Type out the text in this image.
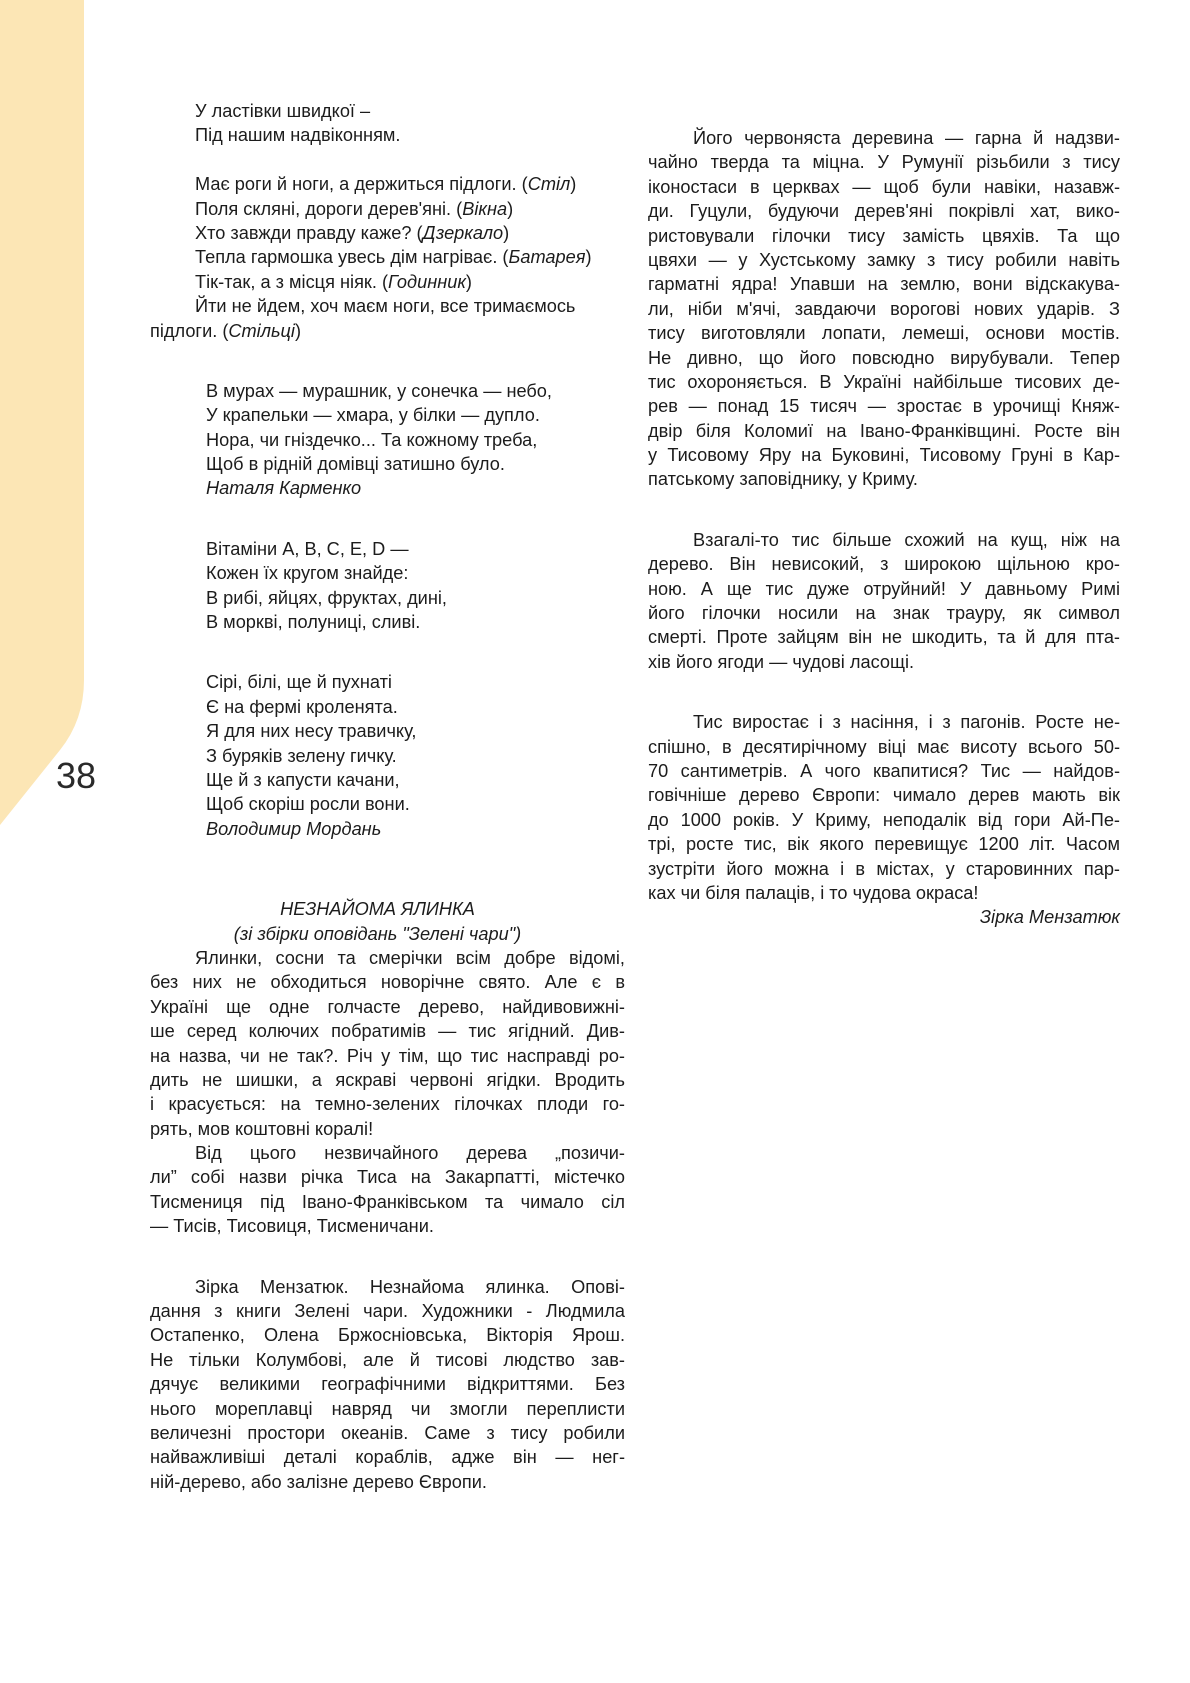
38
У ластівки швидкої –
Під нашим надвіконням.
Має роги й ноги, а держиться підлоги. (Стіл)
Поля скляні, дороги дерев'яні. (Вікна)
Хто завжди правду каже? (Дзеркало)
Тепла гармошка увесь дім нагріває. (Батарея)
Тік-так, а з місця ніяк. (Годинник)
Йти не йдем, хоч маєм ноги, все тримаємось
підлоги. (Стільці)
В мурах — мурашник, у сонечка — небо,
У крапельки — хмара, у білки — дупло.
Нора, чи гніздечко... Та кожному треба,
Щоб в рідній домівці затишно було.
Наталя Карменко
Вітаміни A, B, C, E, D —
Кожен їх кругом знайде:
В рибі, яйцях, фруктах, дині,
В моркві, полуниці, сливі.
Сірі, білі, ще й пухнаті
Є на фермі кроленята.
Я для них несу травичку,
З буряків зелену гичку.
Ще й з капусти качани,
Щоб скоріш росли вони.
Володимир Мордань
НЕЗНАЙОМА ЯЛИНКА
(зі збірки оповідань "Зелені чари")
Ялинки, сосни та смерічки всім добре відомі,
без них не обходиться новорічне свято. Але є в
Україні ще одне голчасте дерево, найдивовижні-
ше серед колючих побратимів — тис ягідний. Див-
на назва, чи не так?. Річ у тім, що тис насправді ро-
дить не шишки, а яскраві червоні ягідки. Вродить
і красується: на темно-зелених гілочках плоди го-
рять, мов коштовні коралі!
Від цього незвичайного дерева „позичи-
ли” собі назви річка Тиса на Закарпатті, містечко
Тисмениця під Івано-Франківськом та чимало сіл
— Тисів, Тисовиця, Тисменичани.
Зірка Мензатюк. Незнайома ялинка. Опові-
дання з книги Зелені чари. Художники - Людмила
Остапенко, Олена Бржосніовська, Вікторія Ярош.
Не тільки Колумбові, але й тисові людство зав-
дячує великими географічними відкриттями. Без
нього мореплавці навряд чи змогли переплисти
величезні простори океанів. Саме з тису робили
найважливіші деталі кораблів, адже він — нег-
ній-дерево, або залізне дерево Європи.
Його червоняста деревина — гарна й надзви-
чайно тверда та міцна. У Румунії різьбили з тису
іконостаси в церквах — щоб були навіки, назавж-
ди. Гуцули, будуючи дерев'яні покрівлі хат, вико-
ристовували гілочки тису замість цвяхів. Та що
цвяхи — у Хустському замку з тису робили навіть
гарматні ядра! Упавши на землю, вони відскакува-
ли, ніби м'ячі, завдаючи ворогові нових ударів. З
тису виготовляли лопати, лемеші, основи мостів.
Не дивно, що його повсюдно вирубували. Тепер
тис охороняється. В Україні найбільше тисових де-
рев — понад 15 тисяч — зростає в урочищі Княж-
двір біля Коломиї на Івано-Франківщині. Росте він
у Тисовому Яру на Буковині, Тисовому Груні в Кар-
патському заповіднику, у Криму.
Взагалі-то тис більше схожий на кущ, ніж на
дерево. Він невисокий, з широкою щільною кро-
ною. А ще тис дуже отруйний! У давньому Римі
його гілочки носили на знак трауру, як символ
смерті. Проте зайцям він не шкодить, та й для пта-
хів його ягоди — чудові ласощі.
Тис виростає і з насіння, і з пагонів. Росте не-
спішно, в десятирічному віці має висоту всього 50-
70 сантиметрів. А чого квапитися? Тис — найдов-
говічніше дерево Європи: чимало дерев мають вік
до 1000 років. У Криму, неподалік від гори Ай-Пе-
трі, росте тис, вік якого перевищує 1200 літ. Часом
зустріти його можна і в містах, у старовинних пар-
ках чи біля палаців, і то чудова окраса!
Зірка Мензатюк
